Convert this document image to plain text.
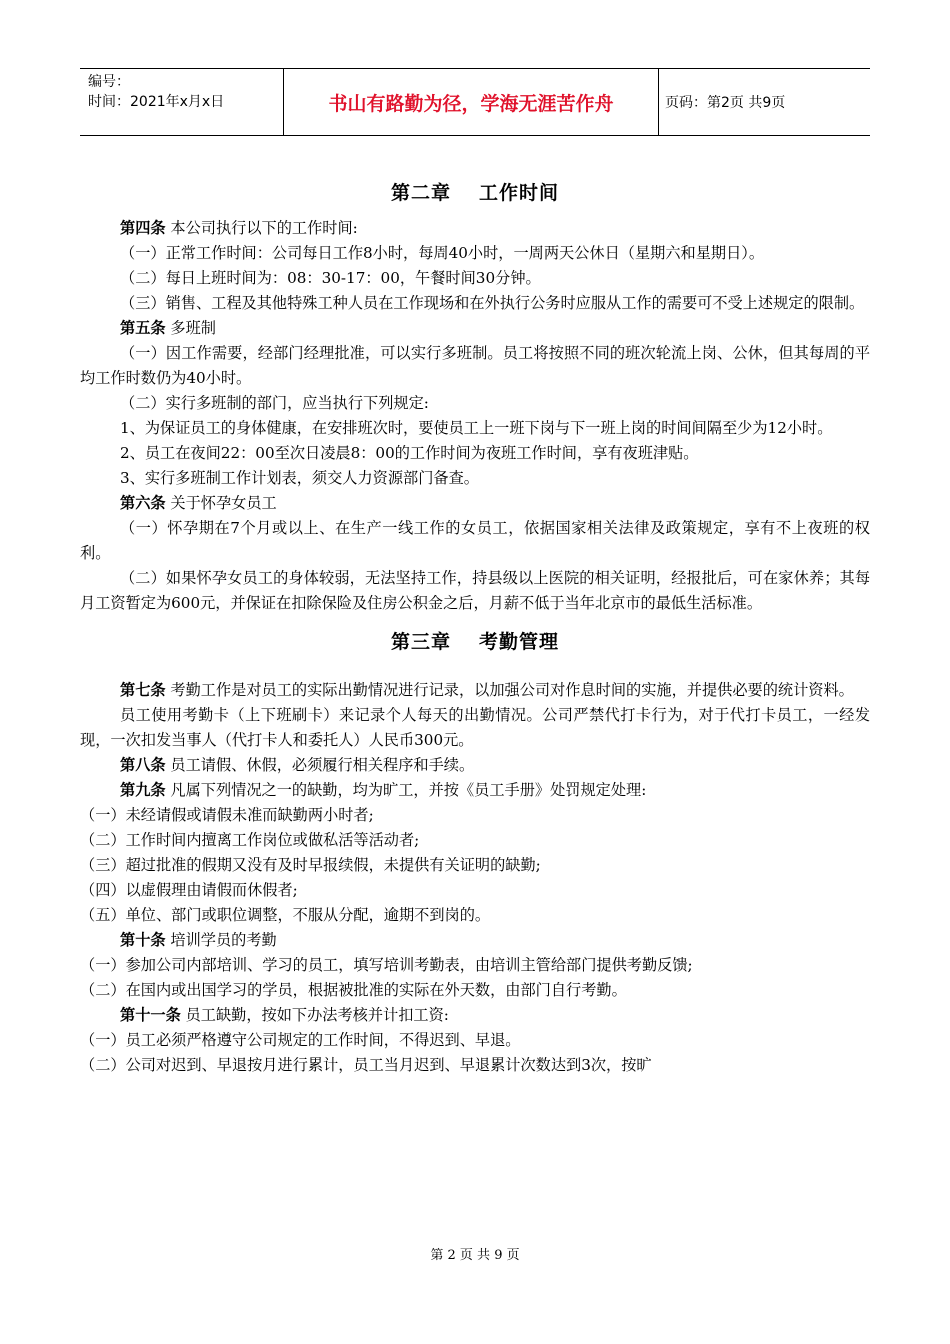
编号：
时间：2021年x月x日	书山有路勤为径，学海无涯苦作舟	页码：第2页 共9页
第二章 工作时间

第四条 本公司执行以下的工作时间:

（一）正常工作时间：公司每日工作8小时，每周40小时，一周两天公休日（星期六和星期日）。

（二）每日上班时间为：08：30-17：00，午餐时间30分钟。

（三）销售、工程及其他特殊工种人员在工作现场和在外执行公务时应服从工作的需要可不受上述规定的限制。

第五条 多班制

（一）因工作需要，经部门经理批准，可以实行多班制。员工将按照不同的班次轮流上岗、公休，但其每周的平均工作时数仍为40小时。

（二）实行多班制的部门，应当执行下列规定:

1、为保证员工的身体健康，在安排班次时，要使员工上一班下岗与下一班上岗的时间间隔至少为12小时。

2、员工在夜间22：00至次日凌晨8：00的工作时间为夜班工作时间，享有夜班津贴。

3、实行多班制工作计划表，须交人力资源部门备查。

第六条 关于怀孕女员工

（一）怀孕期在7个月或以上、在生产一线工作的女员工，依据国家相关法律及政策规定，享有不上夜班的权利。

（二）如果怀孕女员工的身体较弱，无法坚持工作，持县级以上医院的相关证明，经报批后，可在家休养；其每月工资暂定为600元，并保证在扣除保险及住房公积金之后，月薪不低于当年北京市的最低生活标准。

第三章 考勤管理

第七条 考勤工作是对员工的实际出勤情况进行记录，以加强公司对作息时间的实施，并提供必要的统计资料。

员工使用考勤卡（上下班刷卡）来记录个人每天的出勤情况。公司严禁代打卡行为，对于代打卡员工，一经发现，一次扣发当事人（代打卡人和委托人）人民币300元。

第八条 员工请假、休假，必须履行相关程序和手续。

第九条 凡属下列情况之一的缺勤，均为旷工，并按《员工手册》处罚规定处理:

（一）未经请假或请假未准而缺勤两小时者;

（二）工作时间内擅离工作岗位或做私活等活动者;

（三）超过批准的假期又没有及时早报续假，未提供有关证明的缺勤;

（四）以虚假理由请假而休假者;

（五）单位、部门或职位调整，不服从分配，逾期不到岗的。

第十条 培训学员的考勤

（一）参加公司内部培训、学习的员工，填写培训考勤表，由培训主管给部门提供考勤反馈;

（二）在国内或出国学习的学员，根据被批准的实际在外天数，由部门自行考勤。

第十一条 员工缺勤，按如下办法考核并计扣工资:

（一）员工必须严格遵守公司规定的工作时间，不得迟到、早退。

（二）公司对迟到、早退按月进行累计，员工当月迟到、早退累计次数达到3次，按旷

第 2 页 共 9 页
